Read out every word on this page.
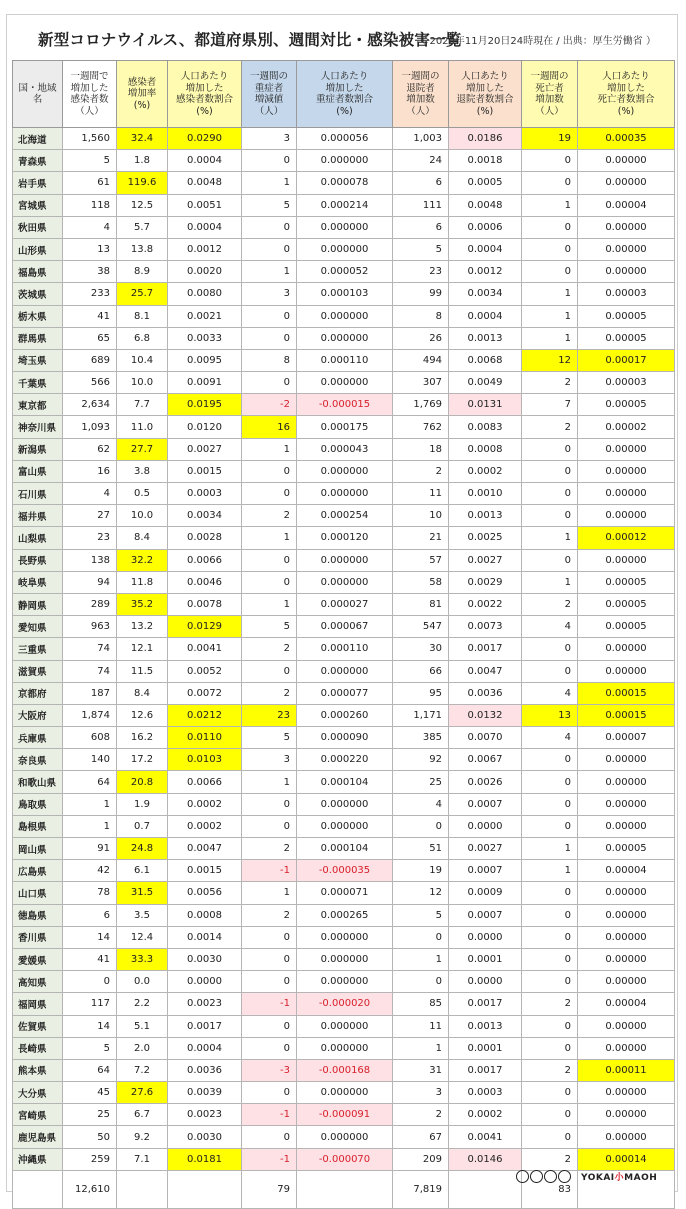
新型コロナウイルス、都道府県別、週間対比・感染被害一覧
（ 2020年11月20日24時現在 / 出典：厚生労働省 ）
国・地域名	一週間で
増加した
感染者数
（人）	感染者
増加率
(%)	人口あたり
増加した
感染者数割合
(%)	一週間の
重症者
増減値
（人）	人口あたり
増加した
重症者数割合
(%)	一週間の
退院者
増加数
（人）	人口あたり
増加した
退院者数割合
(%)	一週間の
死亡者
増加数
（人）	人口あたり
増加した
死亡者数割合
(%)
北海道	1,560	32.4	0.0290	3	0.000056	1,003	0.0186	19	0.00035
青森県	5	1.8	0.0004	0	0.000000	24	0.0018	0	0.00000
岩手県	61	119.6	0.0048	1	0.000078	6	0.0005	0	0.00000
宮城県	118	12.5	0.0051	5	0.000214	111	0.0048	1	0.00004
秋田県	4	5.7	0.0004	0	0.000000	6	0.0006	0	0.00000
山形県	13	13.8	0.0012	0	0.000000	5	0.0004	0	0.00000
福島県	38	8.9	0.0020	1	0.000052	23	0.0012	0	0.00000
茨城県	233	25.7	0.0080	3	0.000103	99	0.0034	1	0.00003
栃木県	41	8.1	0.0021	0	0.000000	8	0.0004	1	0.00005
群馬県	65	6.8	0.0033	0	0.000000	26	0.0013	1	0.00005
埼玉県	689	10.4	0.0095	8	0.000110	494	0.0068	12	0.00017
千葉県	566	10.0	0.0091	0	0.000000	307	0.0049	2	0.00003
東京都	2,634	7.7	0.0195	-2	-0.000015	1,769	0.0131	7	0.00005
神奈川県	1,093	11.0	0.0120	16	0.000175	762	0.0083	2	0.00002
新潟県	62	27.7	0.0027	1	0.000043	18	0.0008	0	0.00000
富山県	16	3.8	0.0015	0	0.000000	2	0.0002	0	0.00000
石川県	4	0.5	0.0003	0	0.000000	11	0.0010	0	0.00000
福井県	27	10.0	0.0034	2	0.000254	10	0.0013	0	0.00000
山梨県	23	8.4	0.0028	1	0.000120	21	0.0025	1	0.00012
長野県	138	32.2	0.0066	0	0.000000	57	0.0027	0	0.00000
岐阜県	94	11.8	0.0046	0	0.000000	58	0.0029	1	0.00005
静岡県	289	35.2	0.0078	1	0.000027	81	0.0022	2	0.00005
愛知県	963	13.2	0.0129	5	0.000067	547	0.0073	4	0.00005
三重県	74	12.1	0.0041	2	0.000110	30	0.0017	0	0.00000
滋賀県	74	11.5	0.0052	0	0.000000	66	0.0047	0	0.00000
京都府	187	8.4	0.0072	2	0.000077	95	0.0036	4	0.00015
大阪府	1,874	12.6	0.0212	23	0.000260	1,171	0.0132	13	0.00015
兵庫県	608	16.2	0.0110	5	0.000090	385	0.0070	4	0.00007
奈良県	140	17.2	0.0103	3	0.000220	92	0.0067	0	0.00000
和歌山県	64	20.8	0.0066	1	0.000104	25	0.0026	0	0.00000
鳥取県	1	1.9	0.0002	0	0.000000	4	0.0007	0	0.00000
島根県	1	0.7	0.0002	0	0.000000	0	0.0000	0	0.00000
岡山県	91	24.8	0.0047	2	0.000104	51	0.0027	1	0.00005
広島県	42	6.1	0.0015	-1	-0.000035	19	0.0007	1	0.00004
山口県	78	31.5	0.0056	1	0.000071	12	0.0009	0	0.00000
徳島県	6	3.5	0.0008	2	0.000265	5	0.0007	0	0.00000
香川県	14	12.4	0.0014	0	0.000000	0	0.0000	0	0.00000
愛媛県	41	33.3	0.0030	0	0.000000	1	0.0001	0	0.00000
高知県	0	0.0	0.0000	0	0.000000	0	0.0000	0	0.00000
福岡県	117	2.2	0.0023	-1	-0.000020	85	0.0017	2	0.00004
佐賀県	14	5.1	0.0017	0	0.000000	11	0.0013	0	0.00000
長崎県	5	2.0	0.0004	0	0.000000	1	0.0001	0	0.00000
熊本県	64	7.2	0.0036	-3	-0.000168	31	0.0017	2	0.00011
大分県	45	27.6	0.0039	0	0.000000	3	0.0003	0	0.00000
宮崎県	25	6.7	0.0023	-1	-0.000091	2	0.0002	0	0.00000
鹿児島県	50	9.2	0.0030	0	0.000000	67	0.0041	0	0.00000
沖縄県	259	7.1	0.0181	-1	-0.000070	209	0.0146	2	0.00014
	12,610			79		7,819		83	
YOKAI小MAOH
